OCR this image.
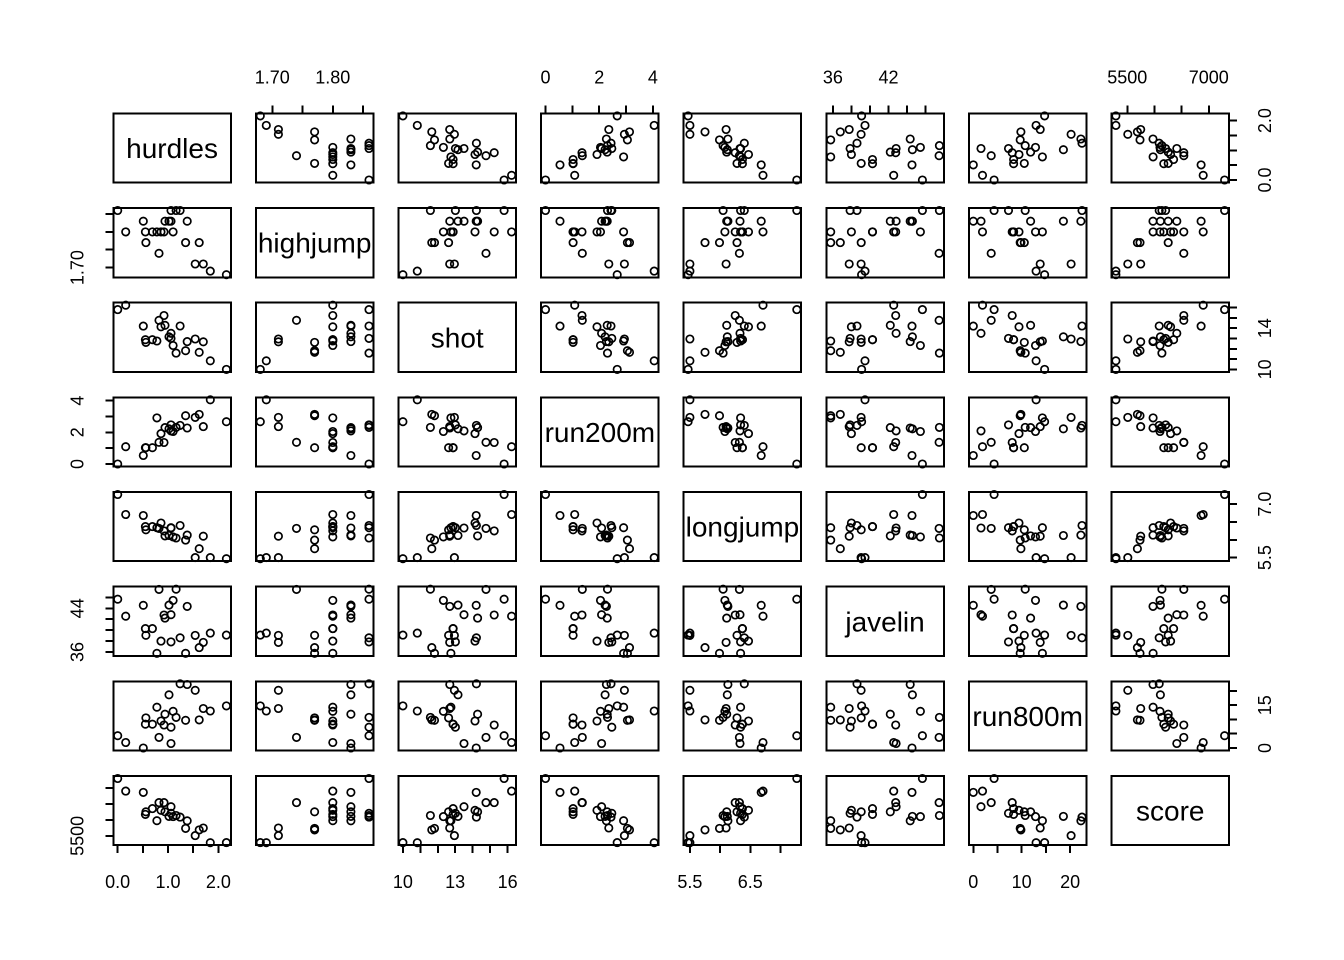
hurdles
highjump
shot
run200m
longjump
javelin
run800m
score
0.0 1.0 2.0
0.0
2.0
1.70 1.80
1.70
10 13 16
10
14
0 2 4
0
2
4
5.5 6.5
5.5
7.0
36 42
36
44
0 10 20
0
15
5500 7000
5500
